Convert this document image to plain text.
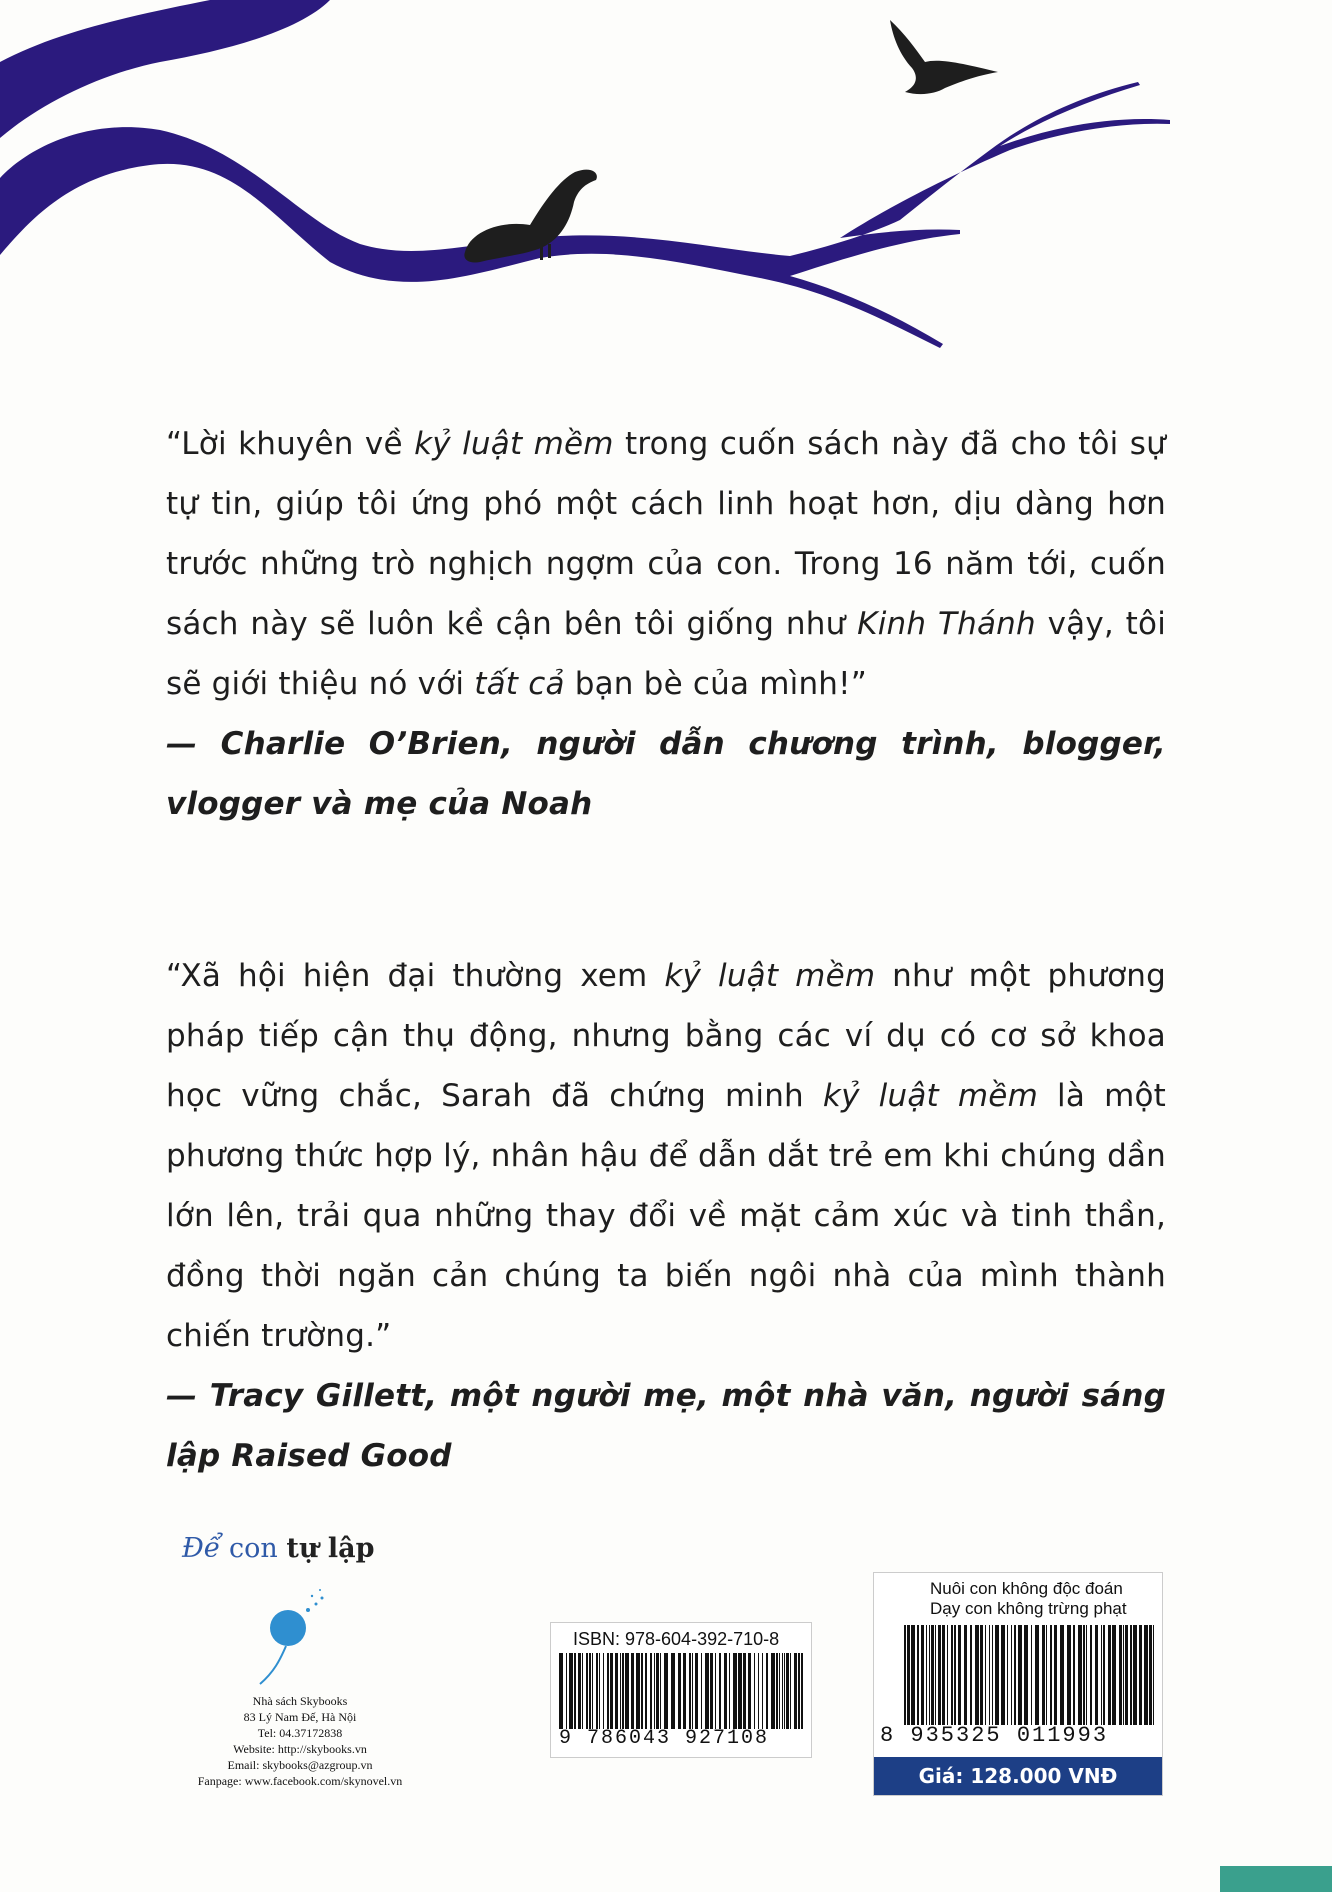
“Lời khuyên về kỷ luật mềm trong cuốn sách này đã cho tôi sự tự tin, giúp tôi ứng phó một cách linh hoạt hơn, dịu dàng hơn trước những trò nghịch ngợm của con. Trong 16 năm tới, cuốn sách này sẽ luôn kề cận bên tôi giống như Kinh Thánh vậy, tôi sẽ giới thiệu nó với tất cả bạn bè của mình!”

— Charlie O’Brien, người dẫn chương trình, blogger, vlogger và mẹ của Noah

“Xã hội hiện đại thường xem kỷ luật mềm như một phương pháp tiếp cận thụ động, nhưng bằng các ví dụ có cơ sở khoa học vững chắc, Sarah đã chứng minh kỷ luật mềm là một phương thức hợp lý, nhân hậu để dẫn dắt trẻ em khi chúng dần lớn lên, trải qua những thay đổi về mặt cảm xúc và tinh thần, đồng thời ngăn cản chúng ta biến ngôi nhà của mình thành chiến trường.”

— Tracy Gillett, một người mẹ, một nhà văn, người sáng lập Raised Good

Để con tự lập
Nhà sách Skybooks
83 Lý Nam Đế, Hà Nội
Tel: 04.37172838
Website: http://skybooks.vn
Email: skybooks@azgroup.vn
Fanpage: www.facebook.com/skynovel.vn
ISBN: 978-604-392-710-8
9 786043 927108
Nuôi con không độc đoán
Dạy con không trừng phạt
8 935325 011993
Giá: 128.000 VNĐ
